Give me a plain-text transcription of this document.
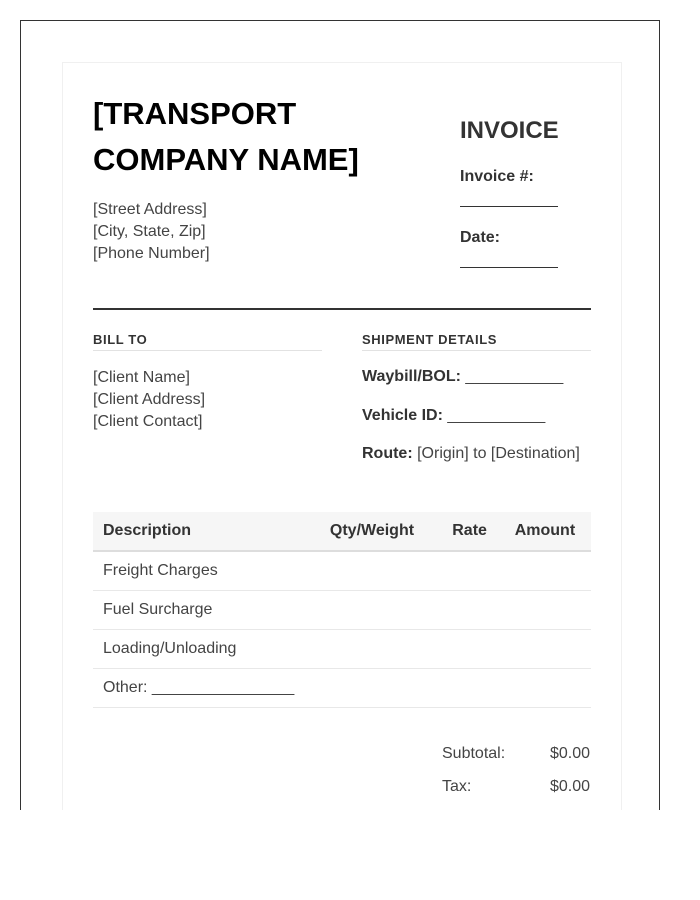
[TRANSPORT COMPANY NAME]
[Street Address]
[City, State, Zip]
[Phone Number]
INVOICE
Invoice #:
Date:
BILL TO
[Client Name]
[Client Address]
[Client Contact]
SHIPMENT DETAILS
Waybill/BOL: ___________
Vehicle ID: ___________
Route: [Origin] to [Destination]
Description	Qty/Weight	Rate	Amount
Freight Charges			
Fuel Surcharge			
Loading/Unloading			
Other: ________________			
Subtotal:	$0.00
Tax:	$0.00
